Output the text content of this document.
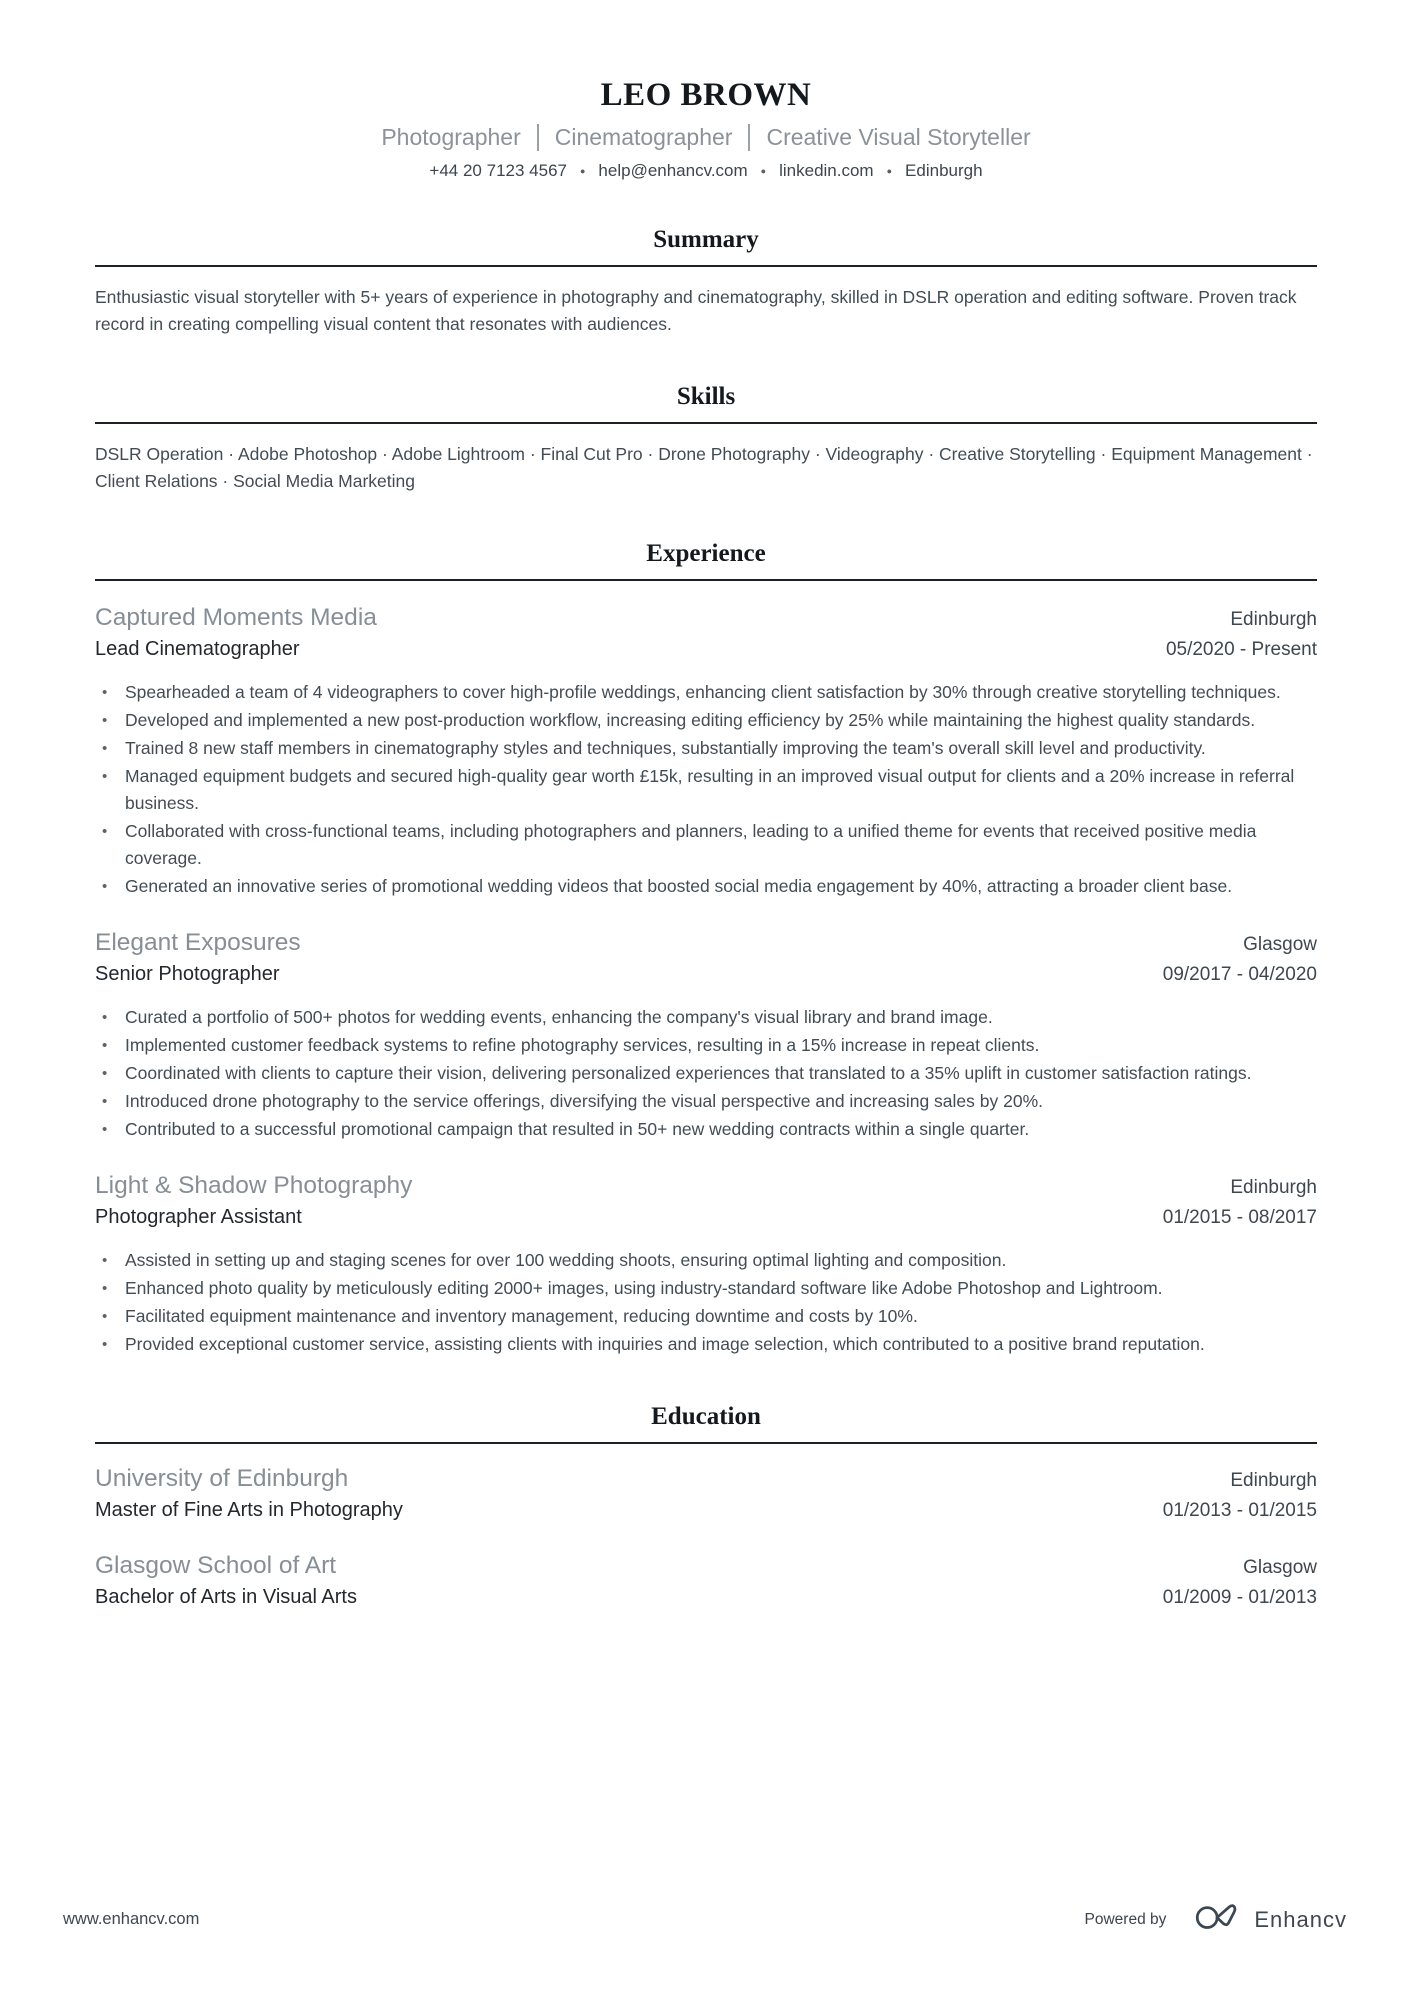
LEO BROWN
Photographer Cinematographer Creative Visual Storyteller
+44 20 7123 4567 ● help@enhancv.com ● linkedin.com ● Edinburgh
Summary

Enthusiastic visual storyteller with 5+ years of experience in photography and cinematography, skilled in DSLR operation and editing software. Proven track record in creating compelling visual content that resonates with audiences.

Skills

DSLR Operation · Adobe Photoshop · Adobe Lightroom · Final Cut Pro · Drone Photography · Videography · Creative Storytelling · Equipment Management · Client Relations · Social Media Marketing

Experience
Captured Moments Media	Edinburgh
Lead Cinematographer	05/2020 - Present
• Spearheaded a team of 4 videographers to cover high-profile weddings, enhancing client satisfaction by 30% through creative storytelling techniques.
• Developed and implemented a new post-production workflow, increasing editing efficiency by 25% while maintaining the highest quality standards.
• Trained 8 new staff members in cinematography styles and techniques, substantially improving the team's overall skill level and productivity.
• Managed equipment budgets and secured high-quality gear worth £15k, resulting in an improved visual output for clients and a 20% increase in referral business.
• Collaborated with cross-functional teams, including photographers and planners, leading to a unified theme for events that received positive media coverage.
• Generated an innovative series of promotional wedding videos that boosted social media engagement by 40%, attracting a broader client base.
Elegant Exposures	Glasgow
Senior Photographer	09/2017 - 04/2020
• Curated a portfolio of 500+ photos for wedding events, enhancing the company's visual library and brand image.
• Implemented customer feedback systems to refine photography services, resulting in a 15% increase in repeat clients.
• Coordinated with clients to capture their vision, delivering personalized experiences that translated to a 35% uplift in customer satisfaction ratings.
• Introduced drone photography to the service offerings, diversifying the visual perspective and increasing sales by 20%.
• Contributed to a successful promotional campaign that resulted in 50+ new wedding contracts within a single quarter.
Light & Shadow Photography	Edinburgh
Photographer Assistant	01/2015 - 08/2017
• Assisted in setting up and staging scenes for over 100 wedding shoots, ensuring optimal lighting and composition.
• Enhanced photo quality by meticulously editing 2000+ images, using industry-standard software like Adobe Photoshop and Lightroom.
• Facilitated equipment maintenance and inventory management, reducing downtime and costs by 10%.
• Provided exceptional customer service, assisting clients with inquiries and image selection, which contributed to a positive brand reputation.
Education
University of Edinburgh	Edinburgh
Master of Fine Arts in Photography	01/2013 - 01/2015
Glasgow School of Art	Glasgow
Bachelor of Arts in Visual Arts	01/2009 - 01/2013
www.enhancv.com	Powered by	Enhancv
